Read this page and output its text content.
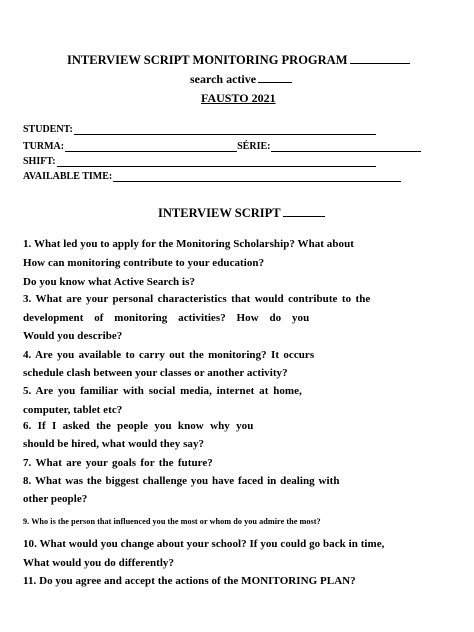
INTERVIEW SCRIPT MONITORING PROGRAM
search active
FAUSTO 2021
STUDENT:
TURMA:	SÉRIE:
SHIFT:
AVAILABLE TIME:
INTERVIEW SCRIPT
1. What led you to apply for the Monitoring Scholarship? What about
How can monitoring contribute to your education?
Do you know what Active Search is?
3. What are your personal characteristics that would contribute to the
development of monitoring activities? How do you
Would you describe?
4. Are you available to carry out the monitoring? It occurs
schedule clash between your classes or another activity?
5. Are you familiar with social media, internet at home,
computer, tablet etc?
6. If I asked the people you know why you
should be hired, what would they say?
7. What are your goals for the future?
8. What was the biggest challenge you have faced in dealing with
other people?
9. Who is the person that influenced you the most or whom do you admire the most?
10. What would you change about your school? If you could go back in time,
What would you do differently?
11. Do you agree and accept the actions of the MONITORING PLAN?
